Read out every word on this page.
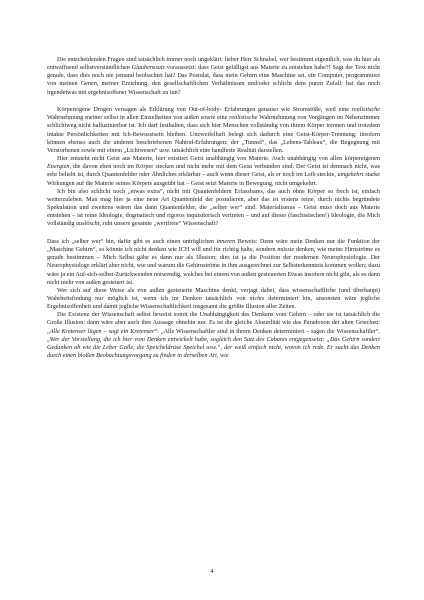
Die entscheidenden Fragen sind tatsächlich immer noch ungeklärt: lieber Herr Schnabel, wer bestimmt eigentlich, was du hier als entwaffnend selbstverständlichen Glaubenssatz voraussetzt: dass Geist gefälligst aus Materie zu entstehen habe?! Sagt der Text nicht gerade, dass dies noch nie jemand beobachtet hat? Das Postulat, dass mein Gehirn eine Maschine sei, ein Computer, programmiert von meinen Genen, meiner Erziehung, den gesellschaftlichen Verhältnissen und/oder schlicht dem puren Zufall: hat das noch irgendetwas mit ergebnisoffener Wissenschaft zu tun?

Körpereigene Drogen versagen als Erklärung von Out-of-body- Erfahrungen genauso wie Stromstöße, weil eine realistische Wahrnehmung meiner selbst in allen Einzelheiten von außen sowie eine realistische Wahrnehmung von Vorgängen im Nebenzimmer schlichtweg nicht halluzinierbar ist. Ich darf festhalten, dass sich hier Menschen vollständig von ihrem Körper trennen und trotzdem intakte Persönlichkeiten mit Ich-Bewusstsein bleiben. Unzweifelhaft belegt sich dadurch eine Geist-Körper-Trennung; insofern können ebenso auch die anderen beschriebenen Nahtod-Erfahrungen: der „Tunnel“, das „Lebens-Tableau“, die Begegnung mit Verstorbenen sowie mit einem „Lichtwesen“ usw. tatsächlich eine handfeste Realität darstellen.

Hier entsteht nicht Geist aus Materie, hier existiert Geist unabhängig von Materie. Auch unabhängig von allen körpereigenen Energien, die davon eben noch im Körper stecken und nicht mehr mit dem Geist verbunden sind. Der Geist ist demnach nicht, was sehr beliebt ist, durch Quantenfelder oder Ähnliches erklärbar – auch wenn dieser Geist, als er noch im Leib steckte, umgekehrt starke Wirkungen auf die Materie seines Körpers ausgeübt hat – Geist setzt Materie in Bewegung, nicht umgekehrt.

Ich bin also schlicht noch „etwas extra“, nicht mit Quantenfeldern Erfassbares, das auch ohne Körper so frech ist, einfach weiterzuleben. Man mag hier ja eine neue Art Quantenfeld der postulieren, aber das ist erstens reine, durch nichts begründete Spekulation und zweitens wären das dann Quantenfelder, die „selber wer“ sind. Materialismus – Geist muss doch aus Materie entstehen – ist reine Ideologie, dogmatisch und rigoros inquisitorisch vertreten – und auf dieser (faschistischen!) Ideologie, die Mich vollständig auslöscht, ruht unsere gesamte „wertfreie“ Wissenschaft?

Dass ich „selber wer“ bin, dafür gibt es auch einen untrüglichen inneren Beweis: Denn wäre mein Denken nur die Funktion der „Maschine Gehirn“, so könnte ich nicht denken wie ICH will und für richtig halte, sondern müsste denken, wie meine Hirnströme es gerade bestimmen – Mich Selbst gäbe es dann nur als Illusion; dies ist ja die Position der modernen Neurophysiologie. Der Neurophysiologe erklärt aber nicht, wie und warum die Gehirnströme in ihm ausgerechnet zur Selbsterkenntnis kommen wollen; dazu wäre ja ein Auf-sich-selbst-Zurückwenden notwendig, welches bei einem von außen gesteuerten Etwas insofern nicht gibt, als es dann nicht mehr von außen gesteuert ist.

Wer sich auf diese Weise als von außen gesteuerte Maschine denkt, verjagt dabei, dass wissenschaftliche (und überhaupt) Wahrheitsfindung nur möglich ist, wenn ich im Denken tatsächlich von nichts determiniert bin, ansonsten wäre jegliche Ergebnisoffenheit und damit jegliche Wissenschaftlichkeit insgesamt die größte Illusion aller Zeiten.

Die Existenz der Wissenschaft selbst beweist somit die Unabhängigkeit des Denkens vom Gehirn – oder sie ist tatsächlich die Große Illusion: dann wäre aber auch ihre Aussage ohnehin nur. Es ist die gleiche Absurdität wie das Paradoxon der alten Griechen: „Alle Kretenser lügen – sagt ein Kretenser“: „Alle Wissenschaftler sind in ihrem Denken determiniert – sagen die Wissenschaftler“. „Wer der Vorstellung, die ich hier vom Denken entwickelt habe, sogleich den Satz des Cabanis entgegensetzt: „Das Gehirn sondert Gedanken ab wie die Leber Galle, die Speicheldrüse Speichel usw.“, der weiß einfach nicht, wovon ich rede. Er sucht das Denken durch einen bloßen Beobachtungsvorgang zu finden in derselben Art, wie

4
